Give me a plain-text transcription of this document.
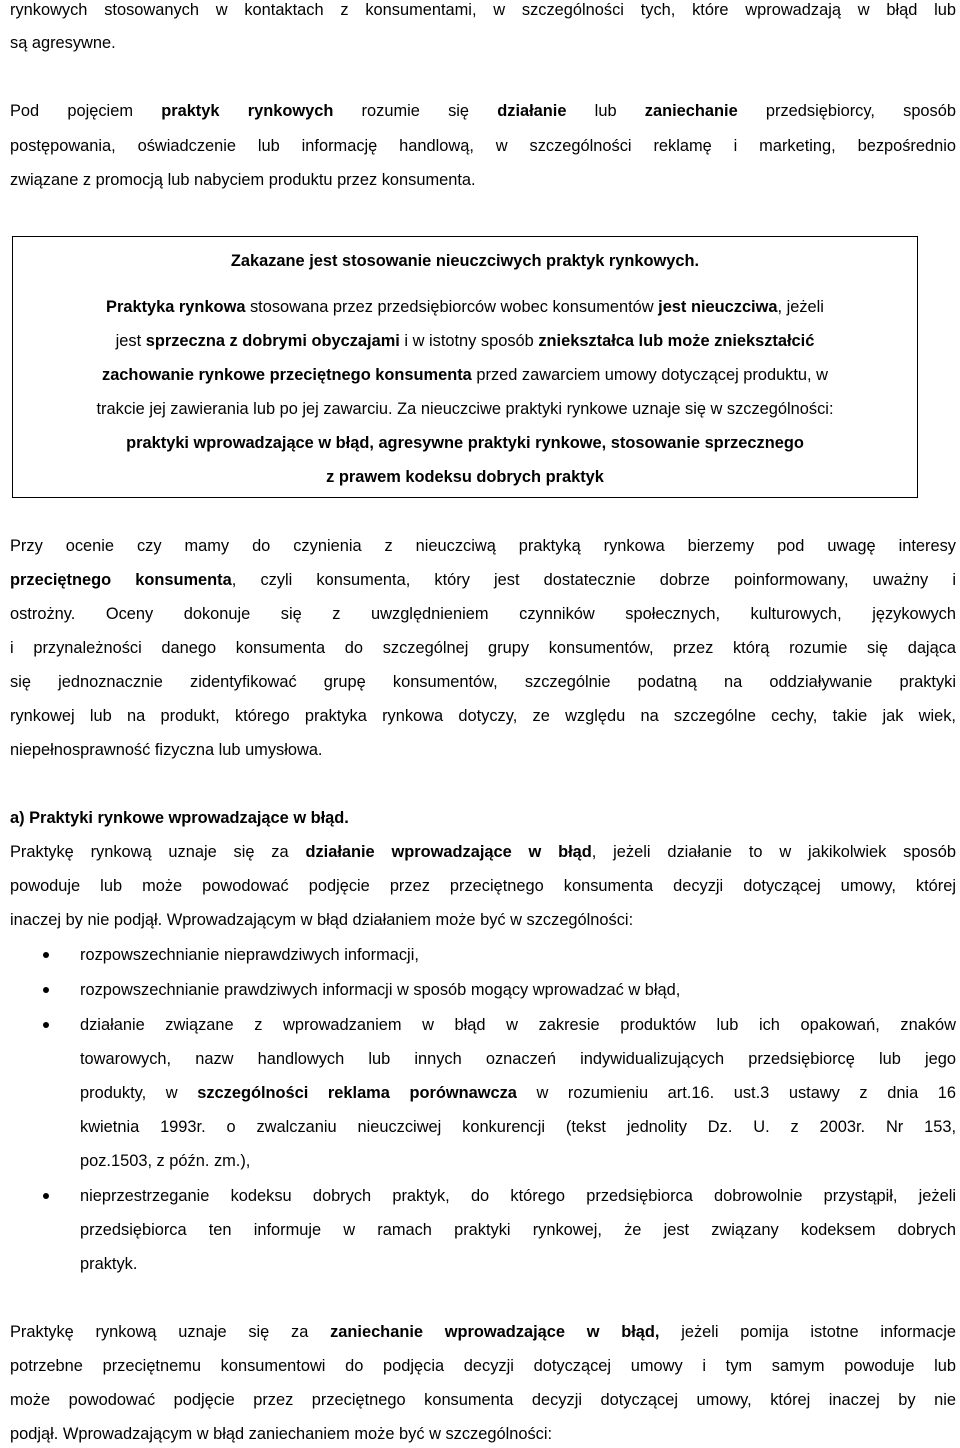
rynkowych stosowanych w kontaktach z konsumentami, w szczególności tych, które wprowadzają w błąd lub
są agresywne.
Pod pojęciem praktyk rynkowych rozumie się działanie lub zaniechanie przedsiębiorcy, sposób
postępowania, oświadczenie lub informację handlową, w szczególności reklamę i marketing, bezpośrednio
związane z promocją lub nabyciem produktu przez konsumenta.
Zakazane jest stosowanie nieuczciwych praktyk rynkowych.
Praktyka rynkowa stosowana przez przedsiębiorców wobec konsumentów jest nieuczciwa, jeżeli
jest sprzeczna z dobrymi obyczajami i w istotny sposób zniekształca lub może zniekształcić
zachowanie rynkowe przeciętnego konsumenta przed zawarciem umowy dotyczącej produktu, w
trakcie jej zawierania lub po jej zawarciu. Za nieuczciwe praktyki rynkowe uznaje się w szczególności:
praktyki wprowadzające w błąd, agresywne praktyki rynkowe, stosowanie sprzecznego
z prawem kodeksu dobrych praktyk
Przy ocenie czy mamy do czynienia z nieuczciwą praktyką rynkowa bierzemy pod uwagę interesy
przeciętnego konsumenta, czyli konsumenta, który jest dostatecznie dobrze poinformowany, uważny i
ostrożny. Oceny dokonuje się z uwzględnieniem czynników społecznych, kulturowych, językowych
i przynależności danego konsumenta do szczególnej grupy konsumentów, przez którą rozumie się dająca
się jednoznacznie zidentyfikować grupę konsumentów, szczególnie podatną na oddziaływanie praktyki
rynkowej lub na produkt, którego praktyka rynkowa dotyczy, ze względu na szczególne cechy, takie jak wiek,
niepełnosprawność fizyczna lub umysłowa.
a) Praktyki rynkowe wprowadzające w błąd.
Praktykę rynkową uznaje się za działanie wprowadzające w błąd, jeżeli działanie to w jakikolwiek sposób
powoduje lub może powodować podjęcie przez przeciętnego konsumenta decyzji dotyczącej umowy, której
inaczej by nie podjął. Wprowadzającym w błąd działaniem może być w szczególności:
rozpowszechnianie nieprawdziwych informacji,
rozpowszechnianie prawdziwych informacji w sposób mogący wprowadzać w błąd,
działanie związane z wprowadzaniem w błąd w zakresie produktów lub ich opakowań, znaków
towarowych, nazw handlowych lub innych oznaczeń indywidualizujących przedsiębiorcę lub jego
produkty, w szczególności reklama porównawcza w rozumieniu art.16. ust.3 ustawy z dnia 16
kwietnia 1993r. o zwalczaniu nieuczciwej konkurencji (tekst jednolity Dz. U. z 2003r. Nr 153,
poz.1503, z późn. zm.),
nieprzestrzeganie kodeksu dobrych praktyk, do którego przedsiębiorca dobrowolnie przystąpił, jeżeli
przedsiębiorca ten informuje w ramach praktyki rynkowej, że jest związany kodeksem dobrych
praktyk.
Praktykę rynkową uznaje się za zaniechanie wprowadzające w błąd, jeżeli pomija istotne informacje
potrzebne przeciętnemu konsumentowi do podjęcia decyzji dotyczącej umowy i tym samym powoduje lub
może powodować podjęcie przez przeciętnego konsumenta decyzji dotyczącej umowy, której inaczej by nie
podjął. Wprowadzającym w błąd zaniechaniem może być w szczególności:
